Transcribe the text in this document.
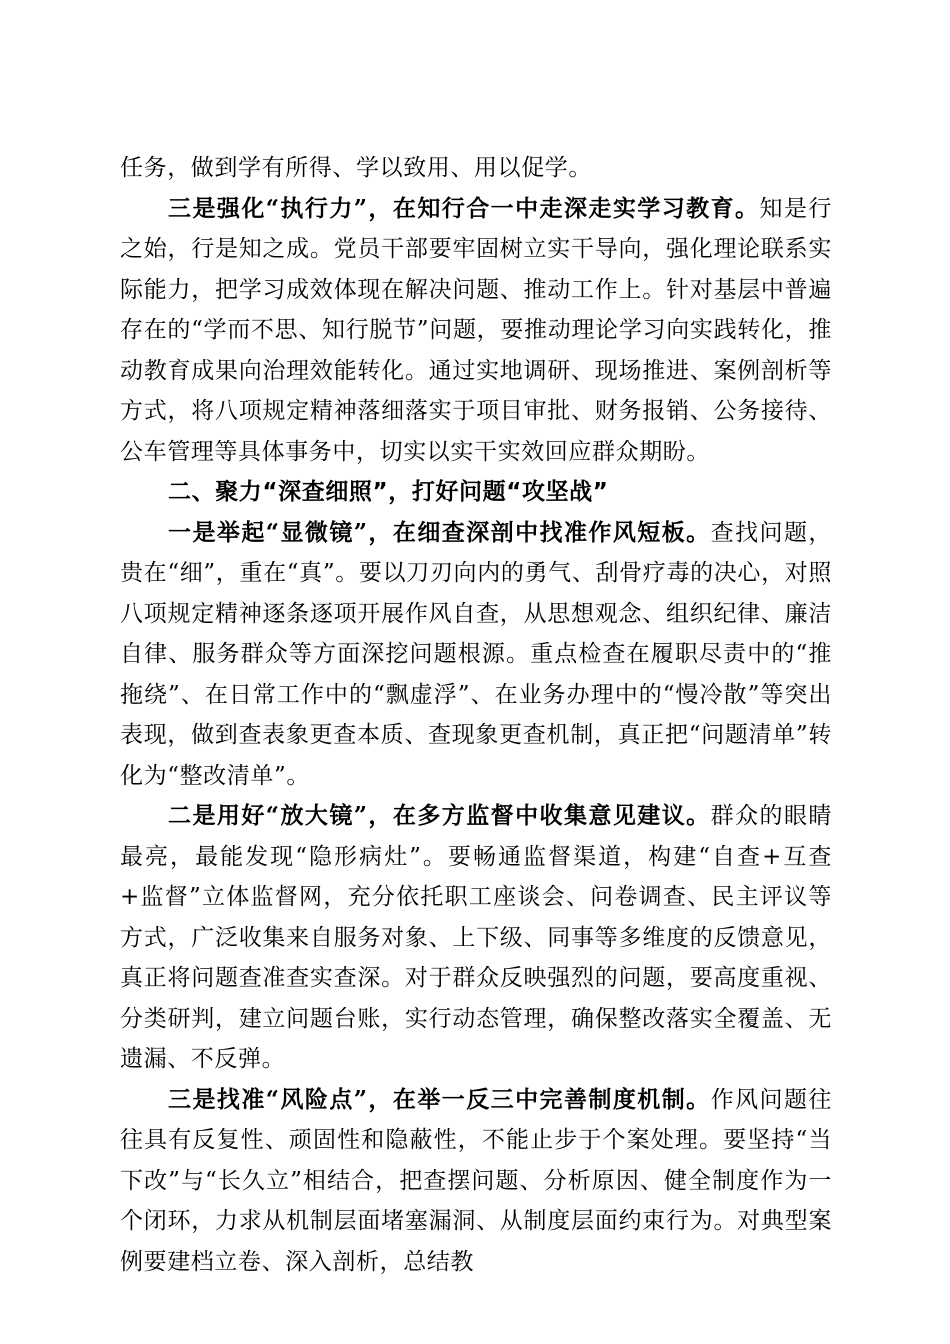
任务，做到学有所得、学以致用、用以促学。

三是强化“执行力”，在知行合一中走深走实学习教育。知是行之始，行是知之成。党员干部要牢固树立实干导向，强化理论联系实际能力，把学习成效体现在解决问题、推动工作上。针对基层中普遍存在的“学而不思、知行脱节”问题，要推动理论学习向实践转化，推动教育成果向治理效能转化。通过实地调研、现场推进、案例剖析等方式，将八项规定精神落细落实于项目审批、财务报销、公务接待、公车管理等具体事务中，切实以实干实效回应群众期盼。

二、聚力“深查细照”，打好问题“攻坚战”

一是举起“显微镜”，在细查深剖中找准作风短板。查找问题，贵在“细”，重在“真”。要以刀刃向内的勇气、刮骨疗毒的决心，对照八项规定精神逐条逐项开展作风自查，从思想观念、组织纪律、廉洁自律、服务群众等方面深挖问题根源。重点检查在履职尽责中的“推拖绕”、在日常工作中的“飘虚浮”、在业务办理中的“慢冷散”等突出表现，做到查表象更查本质、查现象更查机制，真正把“问题清单”转化为“整改清单”。

二是用好“放大镜”，在多方监督中收集意见建议。群众的眼睛最亮，最能发现“隐形病灶”。要畅通监督渠道，构建“自查+互查+监督”立体监督网，充分依托职工座谈会、问卷调查、民主评议等方式，广泛收集来自服务对象、上下级、同事等多维度的反馈意见，真正将问题查准查实查深。对于群众反映强烈的问题，要高度重视、分类研判，建立问题台账，实行动态管理，确保整改落实全覆盖、无遗漏、不反弹。

三是找准“风险点”，在举一反三中完善制度机制。作风问题往往具有反复性、顽固性和隐蔽性，不能止步于个案处理。要坚持“当下改”与“长久立”相结合，把查摆问题、分析原因、健全制度作为一个闭环，力求从机制层面堵塞漏洞、从制度层面约束行为。对典型案例要建档立卷、深入剖析，总结教
